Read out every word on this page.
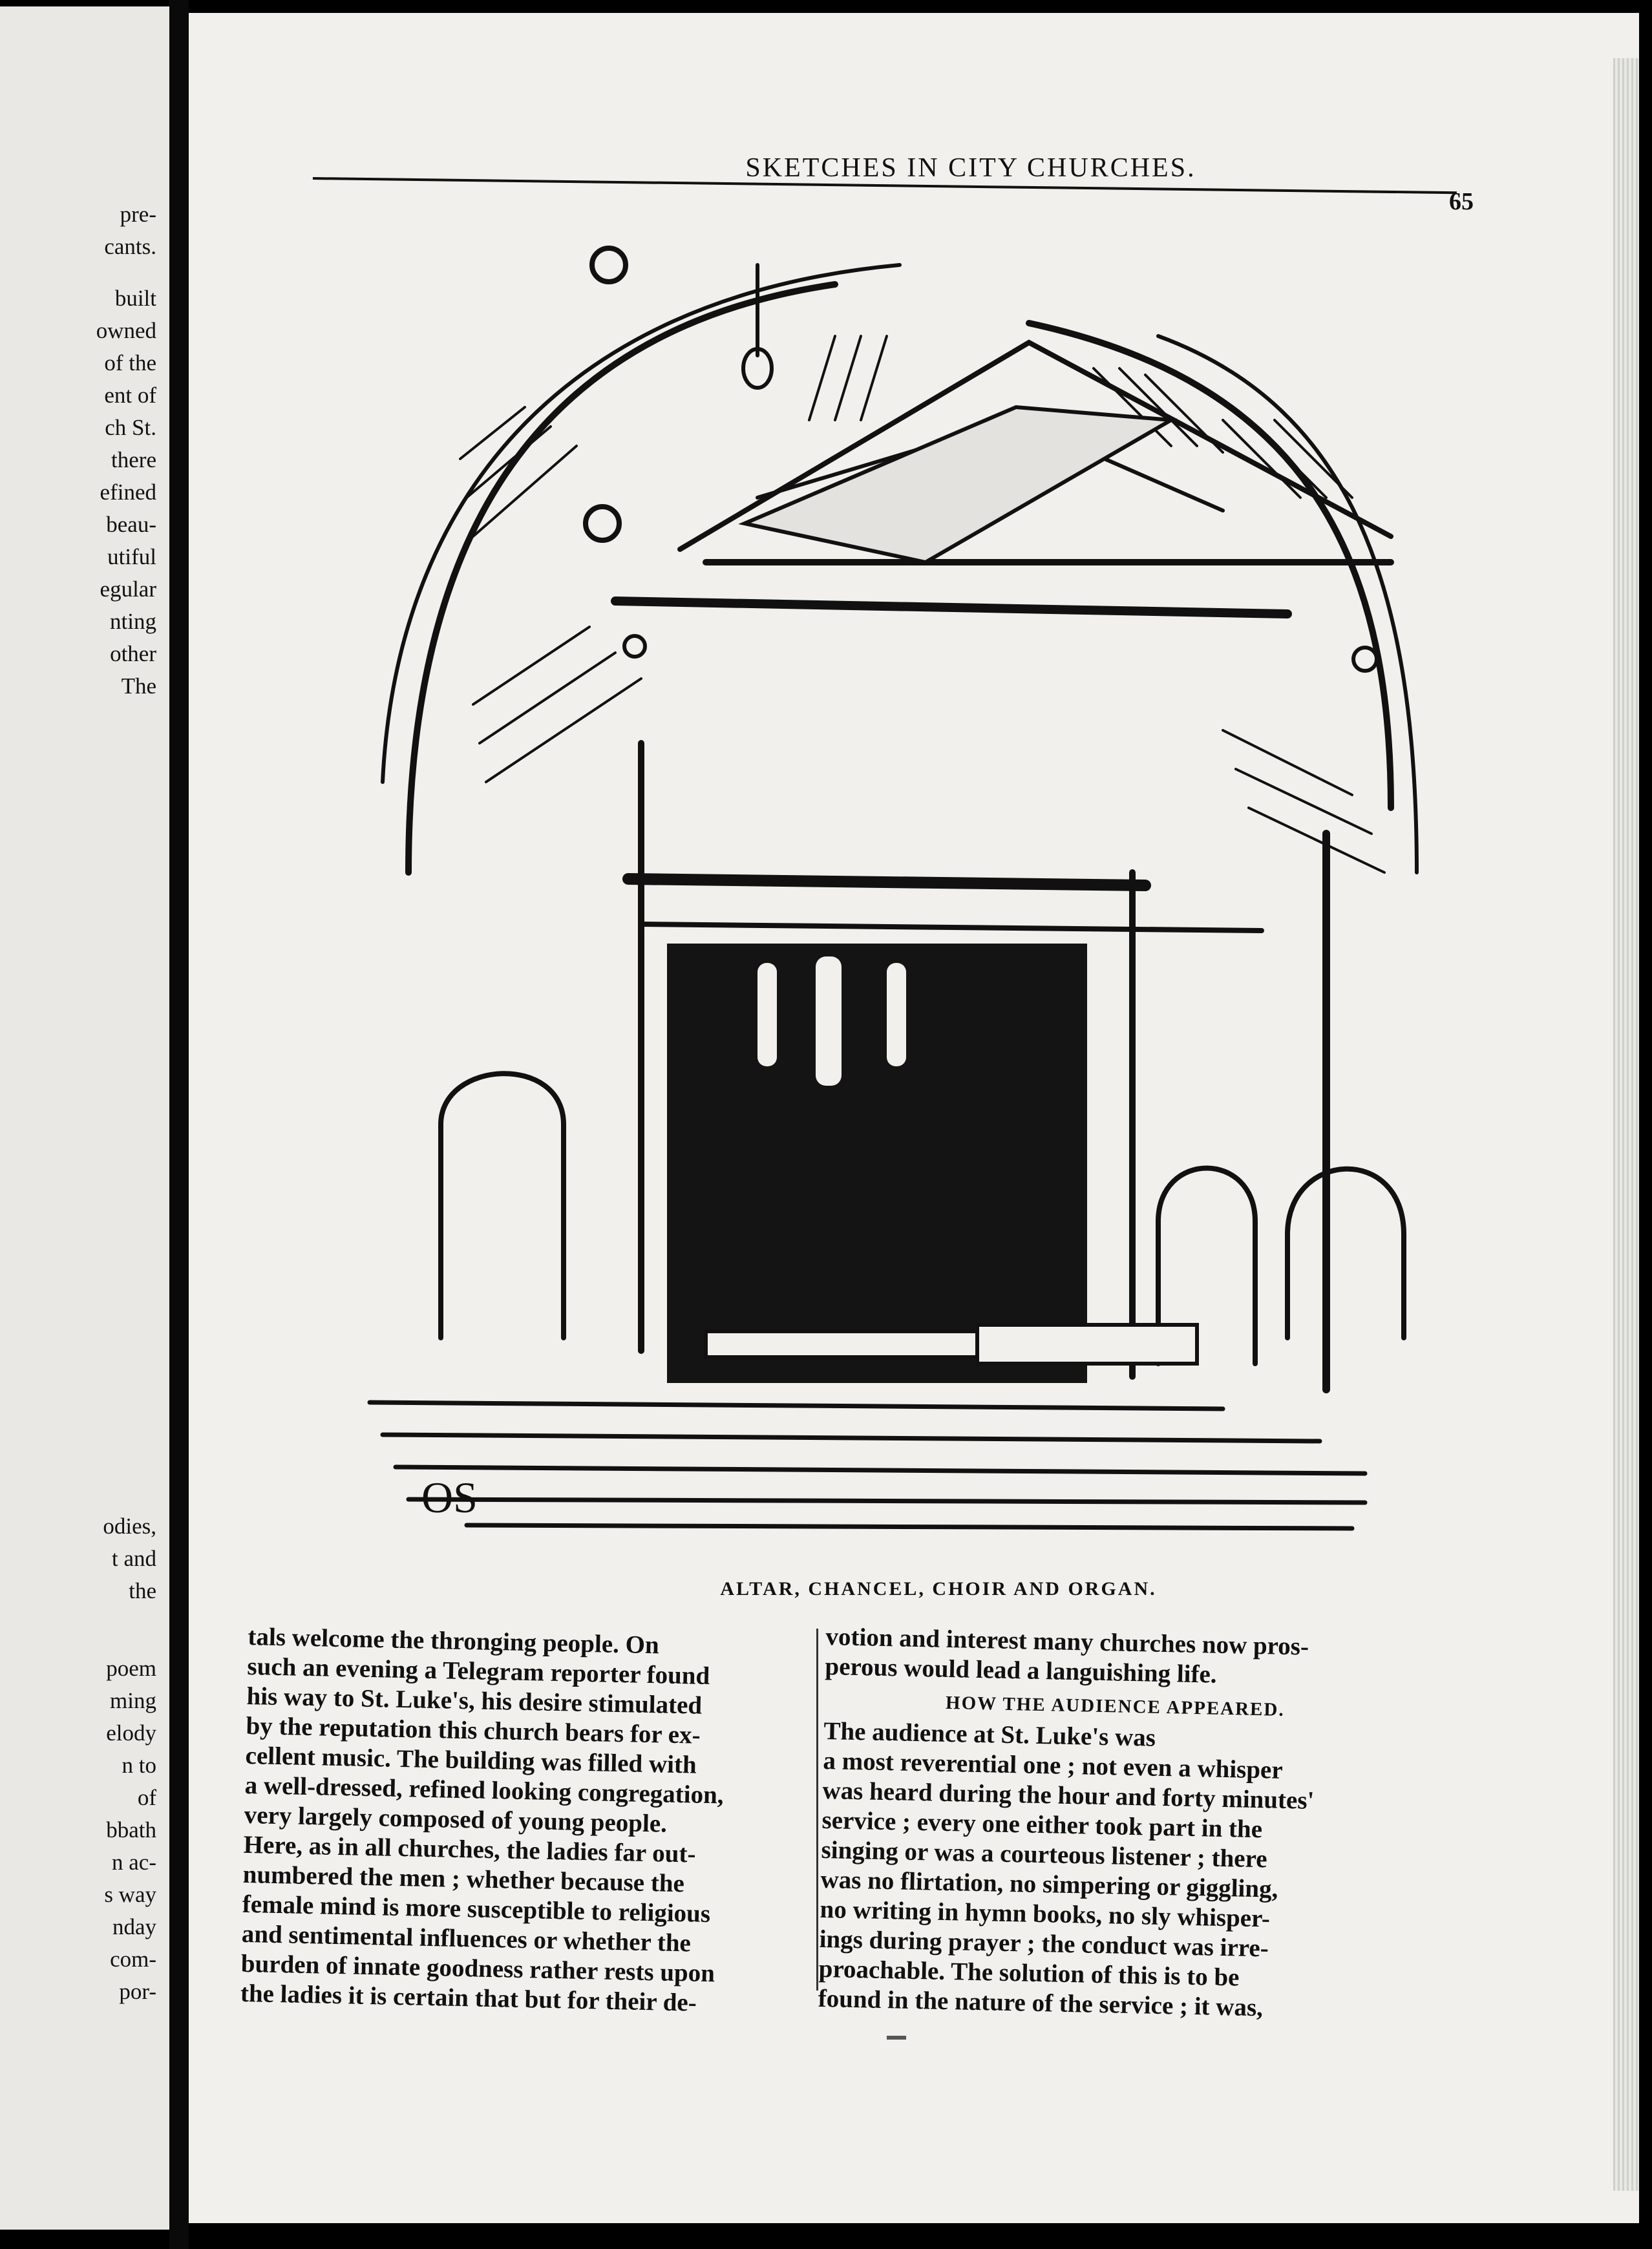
pre-
cants.
built
owned
of the
ent of
ch St.
there
efined
beau-
utiful
egular
nting
other
The
odies,
t and
the
poem
ming
elody
n to
of
bbath
n ac-
s way
nday
com-
por-
SKETCHES IN CITY CHURCHES.
65
OS
ALTAR, CHANCEL, CHOIR AND ORGAN.

tals welcome the thronging people. On

such an evening a Telegram reporter found

his way to St. Luke's, his desire stimulated

by the reputation this church bears for ex-

cellent music. The building was filled with

a well-dressed, refined looking congregation,

very largely composed of young people.

Here, as in all churches, the ladies far out-

numbered the men ; whether because the

female mind is more susceptible to religious

and sentimental influences or whether the

burden of innate goodness rather rests upon

the ladies it is certain that but for their de-

votion and interest many churches now pros-

perous would lead a languishing life.

HOW THE AUDIENCE APPEARED.

The audience at St. Luke's was

a most reverential one ; not even a whisper

was heard during the hour and forty minutes'

service ; every one either took part in the

singing or was a courteous listener ; there

was no flirtation, no simpering or giggling,

no writing in hymn books, no sly whisper-

ings during prayer ; the conduct was irre-

proachable. The solution of this is to be

found in the nature of the service ; it was,
